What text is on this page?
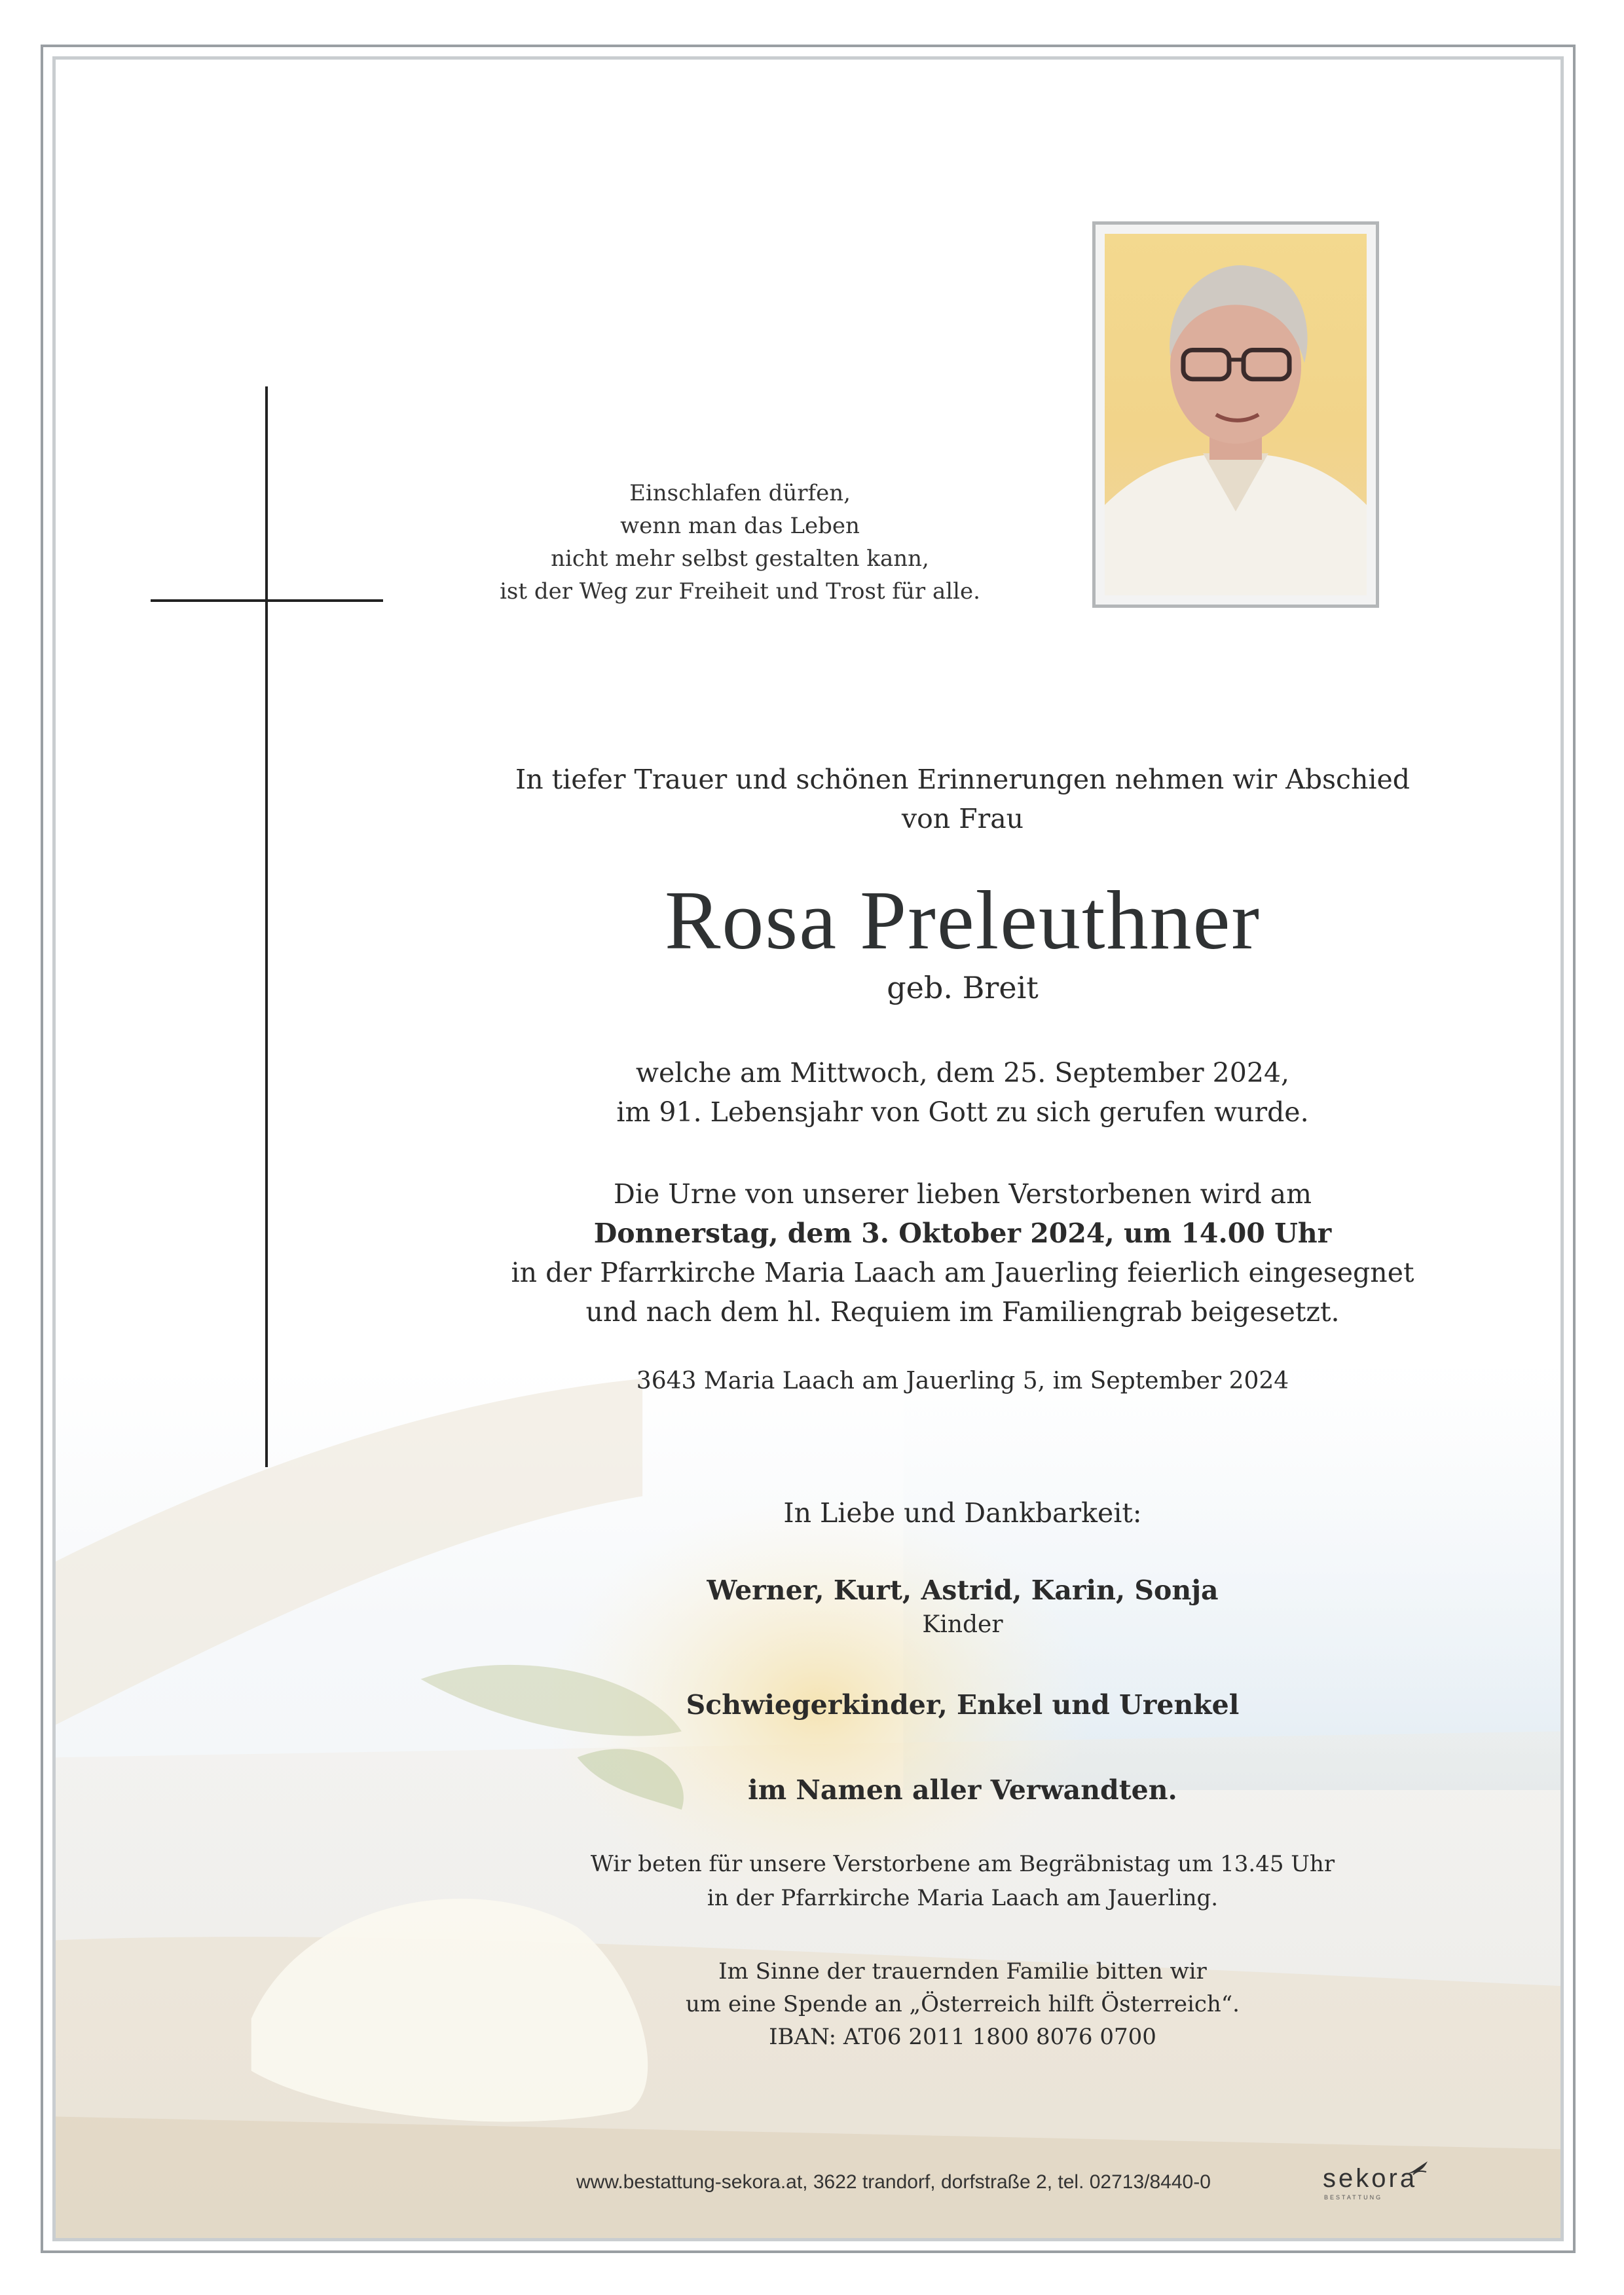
Einschlafen dürfen,
wenn man das Leben
nicht mehr selbst gestalten kann,
ist der Weg zur Freiheit und Trost für alle.
In tiefer Trauer und schönen Erinnerungen nehmen wir Abschied
von Frau
Rosa Preleuthner
geb. Breit
welche am Mittwoch, dem 25. September 2024,
im 91. Lebensjahr von Gott zu sich gerufen wurde.
Die Urne von unserer lieben Verstorbenen wird am
Donnerstag, dem 3. Oktober 2024, um 14.00 Uhr
in der Pfarrkirche Maria Laach am Jauerling feierlich eingesegnet
und nach dem hl. Requiem im Familiengrab beigesetzt.
3643 Maria Laach am Jauerling 5, im September 2024
In Liebe und Dankbarkeit:
Werner, Kurt, Astrid, Karin, Sonja
Kinder
Schwiegerkinder, Enkel und Urenkel
im Namen aller Verwandten.
Wir beten für unsere Verstorbene am Begräbnistag um 13.45 Uhr
in der Pfarrkirche Maria Laach am Jauerling.
Im Sinne der trauernden Familie bitten wir
um eine Spende an „Österreich hilft Österreich“.
IBAN: AT06 2011 1800 8076 0700
www.bestattung-sekora.at, 3622 trandorf, dorfstraße 2, tel. 02713/8440-0	sekora
BESTATTUNG
